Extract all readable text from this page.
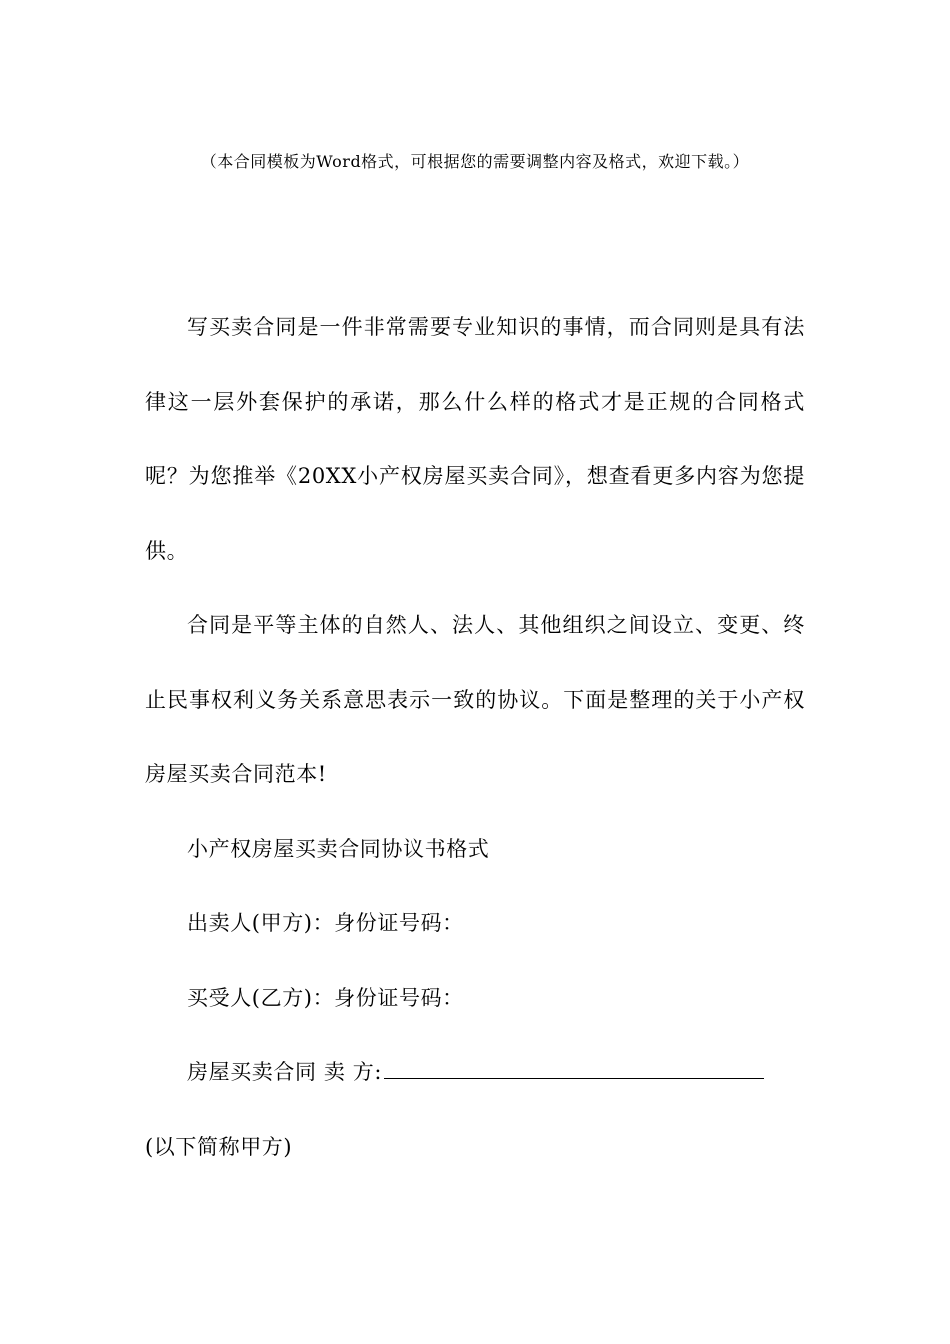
（本合同模板为Word格式，可根据您的需要调整内容及格式，欢迎下载。）

写买卖合同是一件非常需要专业知识的事情，而合同则是具有法律这一层外套保护的承诺，那么什么样的格式才是正规的合同格式呢？为您推举《20XX小产权房屋买卖合同》，想查看更多内容为您提供。

合同是平等主体的自然人、法人、其他组织之间设立、变更、终止民事权利义务关系意思表示一致的协议。下面是整理的关于小产权房屋买卖合同范本!

小产权房屋买卖合同协议书格式

出卖人(甲方)：身份证号码：

买受人(乙方)：身份证号码：

房屋买卖合同 卖 方:

(以下简称甲方)
